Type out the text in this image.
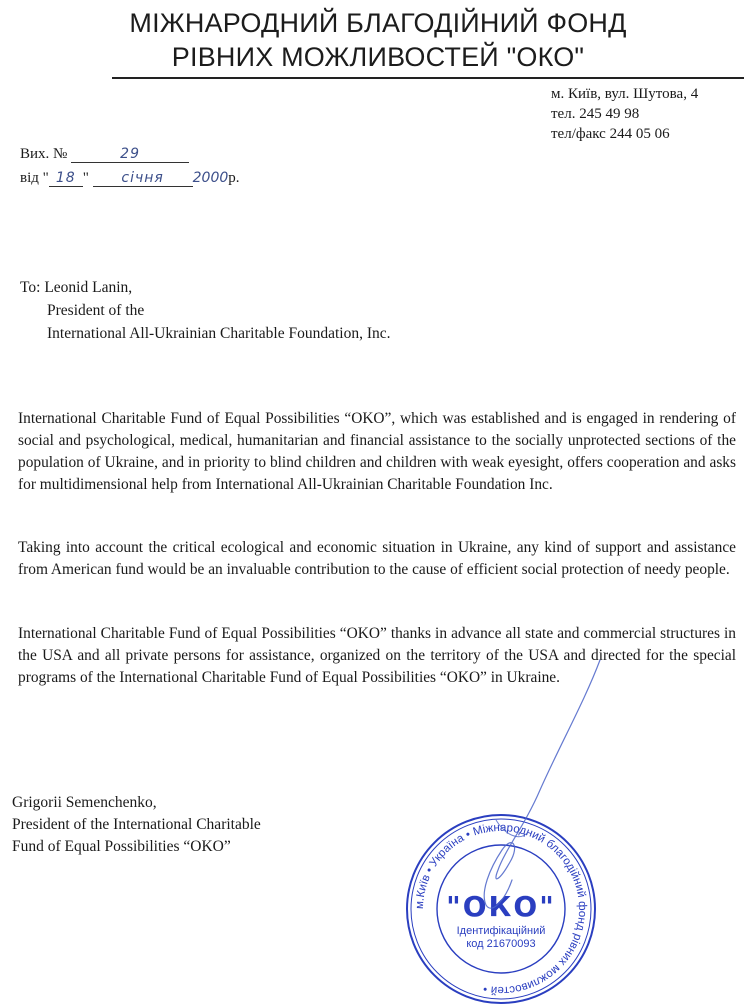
МІЖНАРОДНИЙ БЛАГОДІЙНИЙ ФОНД
РІВНИХ МОЖЛИВОСТЕЙ "ОКО"
м. Київ, вул. Шутова, 4
тел. 245 49 98
тел/факс 244 05 06
Вих. №	29
від " 18 " січня 2000р.
To: Leonid Lanin,
President of the
International All-Ukrainian Charitable Foundation, Inc.

International Charitable Fund of Equal Possibilities “OKO”, which was established and is engaged in rendering of social and psychological, medical, humanitarian and financial assistance to the socially unprotected sections of the population of Ukraine, and in priority to blind children and children with weak eyesight, offers cooperation and asks for multidimensional help from International All-Ukrainian Charitable Foundation Inc.

Taking into account the critical ecological and economic situation in Ukraine, any kind of support and assistance from American fund would be an invaluable contribution to the cause of efficient social protection of needy people.

International Charitable Fund of Equal Possibilities “OKO” thanks in advance all state and commercial structures in the USA and all private persons for assistance, organized on the territory of the USA and directed for the special programs of the International Charitable Fund of Equal Possibilities “OKO” in Ukraine.

Grigorii Semenchenko,
President of the International Charitable
Fund of Equal Possibilities “OKO”
м.Київ • Україна • Міжнародний благодійний фонд рівних можливостей •
"ОКО"
Ідентифікаційний
код 21670093
